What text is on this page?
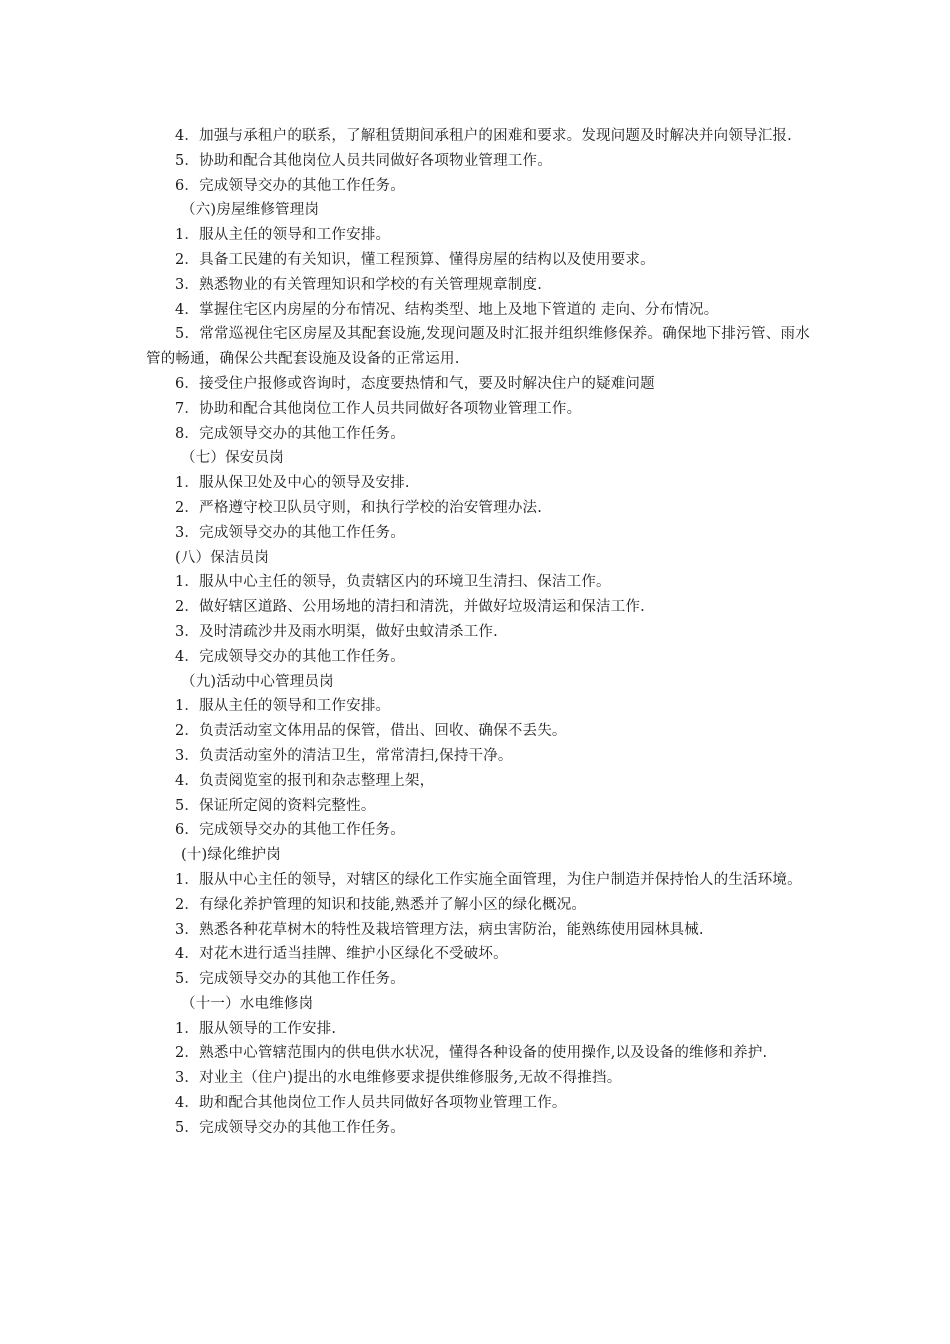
4．加强与承租户的联系，了解租赁期间承租户的困难和要求。发现问题及时解决并向领导汇报.

5．协助和配合其他岗位人员共同做好各项物业管理工作。

6．完成领导交办的其他工作任务。

（六)房屋维修管理岗

1．服从主任的领导和工作安排。

2．具备工民建的有关知识，懂工程预算、懂得房屋的结构以及使用要求。

3．熟悉物业的有关管理知识和学校的有关管理规章制度.

4．掌握住宅区内房屋的分布情况、结构类型、地上及地下管道的 走向、分布情况。

5．常常巡视住宅区房屋及其配套设施,发现问题及时汇报并组织维修保养。确保地下排污管、雨水管的畅通，确保公共配套设施及设备的正常运用.

6．接受住户报修或咨询时，态度要热情和气，要及时解决住户的疑难问题

7．协助和配合其他岗位工作人员共同做好各项物业管理工作。

8．完成领导交办的其他工作任务。

（七）保安员岗

1．服从保卫处及中心的领导及安排.

2．严格遵守校卫队员守则，和执行学校的治安管理办法.

3．完成领导交办的其他工作任务。

(八）保洁员岗

1．服从中心主任的领导，负责辖区内的环境卫生清扫、保洁工作。

2．做好辖区道路、公用场地的清扫和清洗，并做好垃圾清运和保洁工作.

3．及时清疏沙井及雨水明渠，做好虫蚊清杀工作.

4．完成领导交办的其他工作任务。

（九)活动中心管理员岗

1．服从主任的领导和工作安排。

2．负责活动室文体用品的保管，借出、回收、确保不丢失。

3．负责活动室外的清洁卫生，常常清扫,保持干净。

4．负责阅览室的报刊和杂志整理上架，

5．保证所定阅的资料完整性。

6．完成领导交办的其他工作任务。

(十)绿化维护岗

1．服从中心主任的领导，对辖区的绿化工作实施全面管理，为住户制造并保持怡人的生活环境。

2．有绿化养护管理的知识和技能,熟悉并了解小区的绿化概况。

3．熟悉各种花草树木的特性及栽培管理方法，病虫害防治，能熟练使用园林具械.

4．对花木进行适当挂牌、维护小区绿化不受破坏。

5．完成领导交办的其他工作任务。

（十一）水电维修岗

1．服从领导的工作安排.

2．熟悉中心管辖范围内的供电供水状况，懂得各种设备的使用操作,以及设备的维修和养护.

3．对业主（住户)提出的水电维修要求提供维修服务,无故不得推挡。

4．助和配合其他岗位工作人员共同做好各项物业管理工作。

5．完成领导交办的其他工作任务。
